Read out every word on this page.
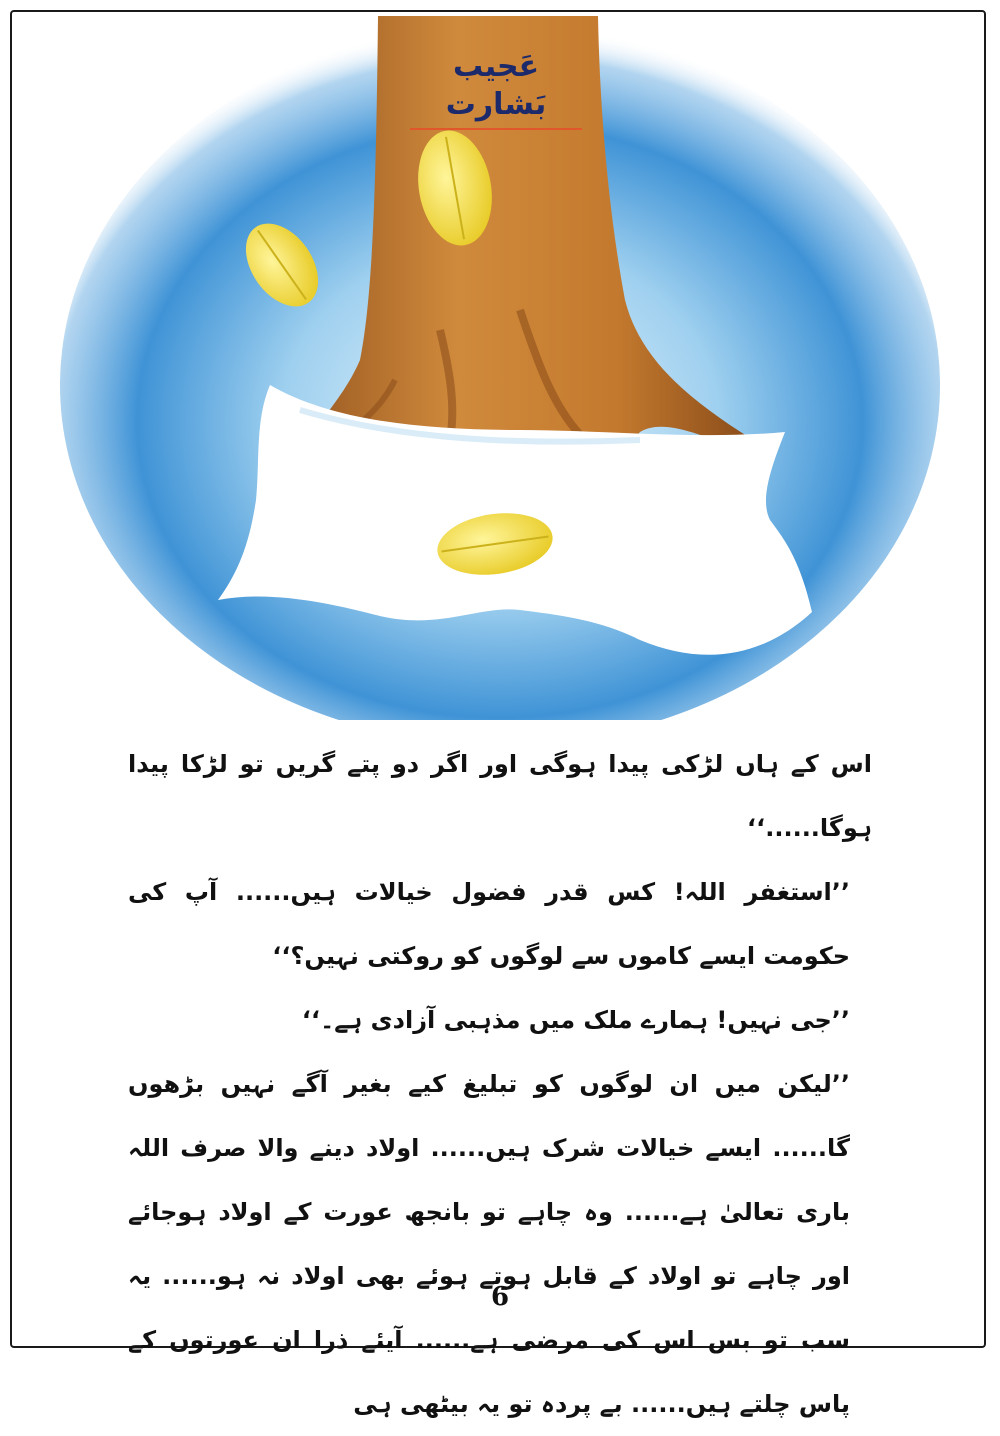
عَجیب بَشارت

اس کے ہاں لڑکی پیدا ہوگی اور اگر دو پتے گریں تو لڑکا پیدا ہوگا......‘‘

’’استغفر اللہ! کس قدر فضول خیالات ہیں...... آپ کی حکومت ایسے کاموں سے لوگوں کو روکتی نہیں؟‘‘

’’جی نہیں! ہمارے ملک میں مذہبی آزادی ہے۔‘‘

’’لیکن میں ان لوگوں کو تبلیغ کیے بغیر آگے نہیں بڑھوں گا...... ایسے خیالات شرک ہیں...... اولاد دینے والا صرف اللہ باری تعالیٰ ہے...... وہ چاہے تو بانجھ عورت کے اولاد ہوجائے اور چاہے تو اولاد کے قابل ہوتے ہوئے بھی اولاد نہ ہو...... یہ سب تو بس اس کی مرضی ہے...... آیئے ذرا ان عورتوں کے پاس چلتے ہیں...... بے پردہ تو یہ بیٹھی ہی

6
